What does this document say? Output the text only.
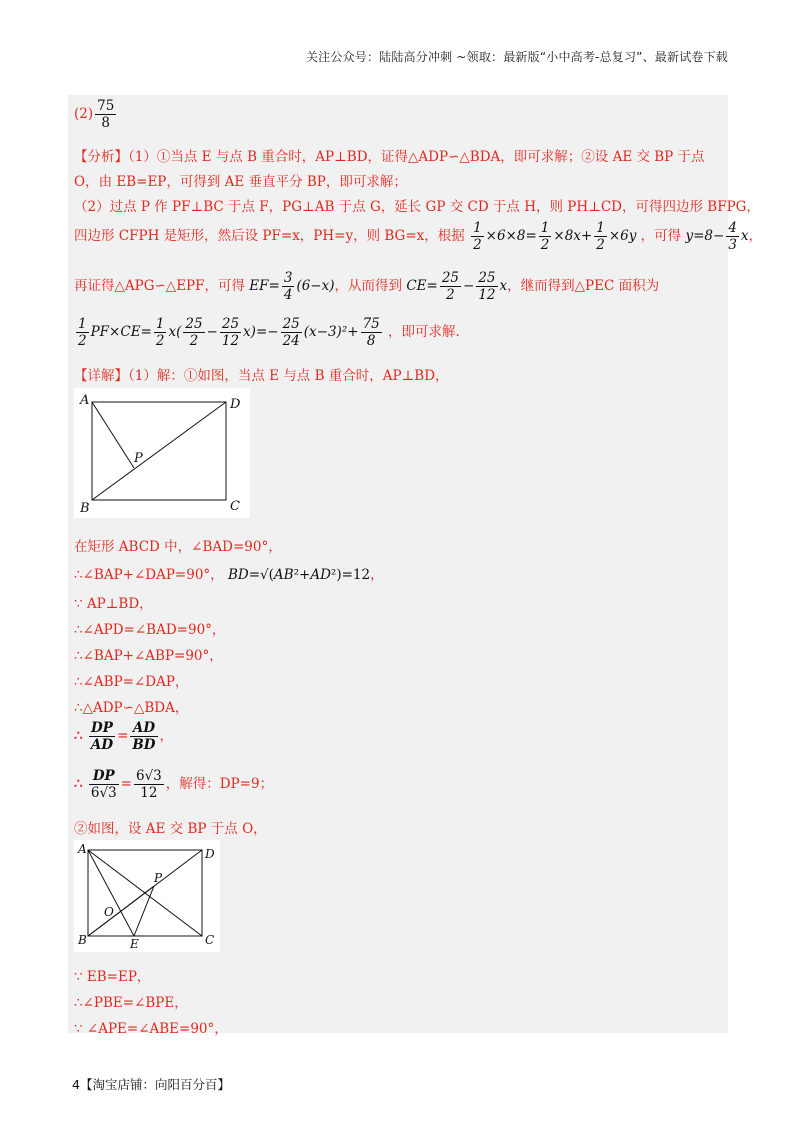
关注公众号：陆陆高分冲刺 ~领取：最新版“小中高考-总复习”、最新试卷下载
$(2) \frac{75}{8}$
【分析】（1）①当点 E 与点 B 重合时，AP⊥BD，证得△ADP∽△BDA，即可求解；②设 AE 交 BP 于点
O，由 EB=EP，可得到 AE 垂直平分 BP，即可求解；
（2）过点 P 作 PF⊥BC 于点 F，PG⊥AB 于点 G，延长 GP 交 CD 于点 H，则 PH⊥CD，可得四边形 BFPG，
四边形 CFPH 是矩形，然后设 PF=x，PH=y，则 BG=x，根据 $\frac{1}{2} \times 6\times 8= \frac{1}{2} \times 8x+ \frac{1}{2} \times 6y$ ，可得 $y=8- \frac{4}{3}$ x，
再证得△APG∽△EPF，可得 $EF= \frac{3}{4} (6-x)$，从而得到 $CE= \frac{25}{2} - \frac{25}{12}$ x，继而得到△PEC 面积为
$\frac{1}{2} PF\times CE= \frac{1}{2} x( \frac{25}{2} - \frac{25}{12} x)=- \frac{25}{24} (x-3)^2+ \frac{75}{8}$ ，即可求解.
【详解】（1）解：①如图，当点 E 与点 B 重合时，AP⊥BD，
A	D
B	C
P
在矩形 ABCD 中，∠BAD=90°，
∴∠BAP+∠DAP=90°， BD=√(AB²+AD²)=12，
∵ AP⊥BD，
∴∠APD=∠BAD=90°，
∴∠BAP+∠ABP=90°，
∴∠ABP=∠DAP，
∴△ADP∽△BDA，
∴ $\frac{DP}{AD} = \frac{AD}{BD}$ ，
∴ $\frac{DP}{6√3} = \frac{6√3}{12}$ ，解得：DP=9；
②如图，设 AE 交 BP 于点 O，
A	D
B	C
P
O
E
∵ EB=EP，
∴∠PBE=∠BPE，
∵ ∠APE=∠ABE=90°，
4【淘宝店铺：向阳百分百】
